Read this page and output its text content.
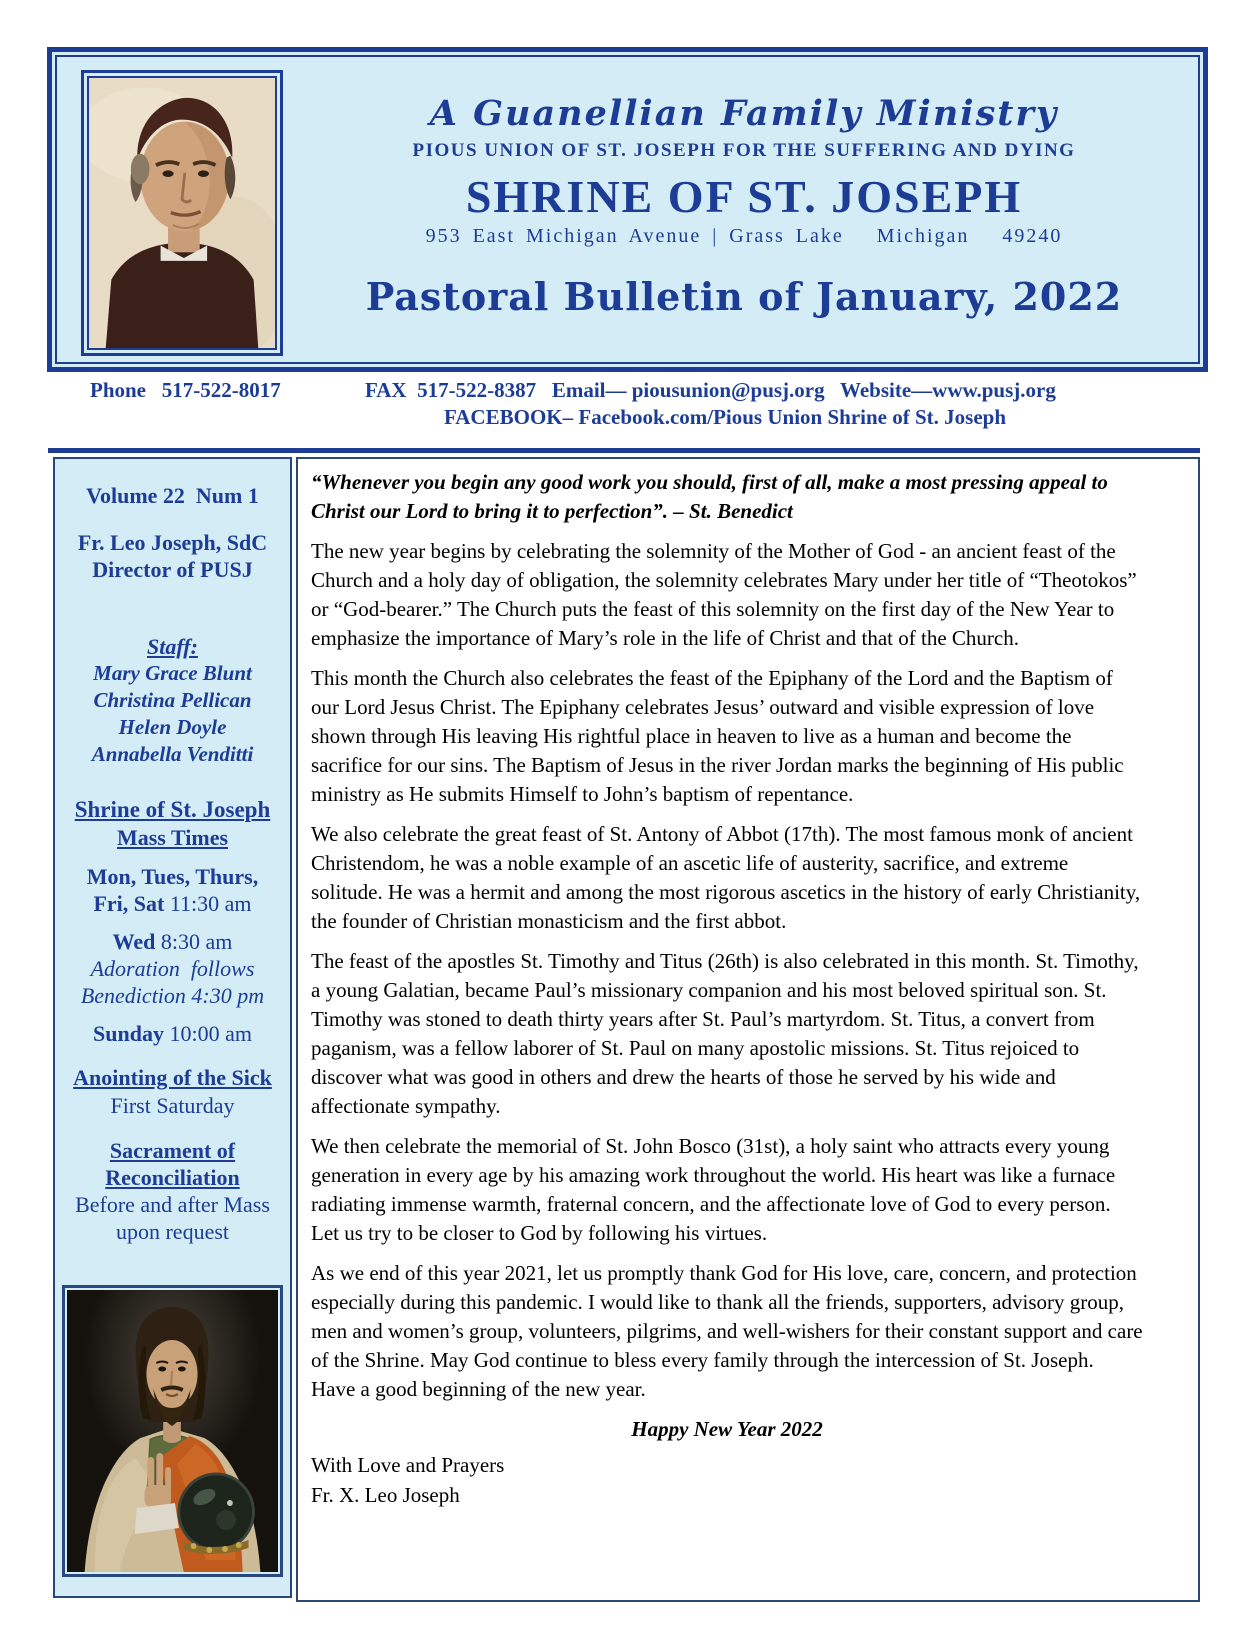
A Guanellian Family Ministry
PIOUS UNION OF ST. JOSEPH FOR THE SUFFERING AND DYING
SHRINE OF ST. JOSEPH
953 East Michigan Avenue | Grass Lake   Michigan   49240
Pastoral Bulletin of January, 2022
Phone   517-522-8017	FAX  517-522-8387   Email— piousunion@pusj.org   Website—www.pusj.org
FACEBOOK– Facebook.com/Pious Union Shrine of St. Joseph
Volume 22  Num 1
Fr. Leo Joseph, SdC
Director of PUSJ
Staff:
Mary Grace Blunt
Christina Pellican
Helen Doyle
Annabella Venditti
Shrine of St. Joseph
Mass Times
Mon, Tues, Thurs,
Fri, Sat 11:30 am
Wed 8:30 am
Adoration  follows
Benediction 4:30 pm
Sunday 10:00 am
Anointing of the Sick
First Saturday
Sacrament of
Reconciliation
Before and after Mass
upon request
“Whenever you begin any good work you should, first of all, make a most pressing appeal to Christ our Lord to bring it to perfection”. – St. Benedict

The new year begins by celebrating the solemnity of the Mother of God - an ancient feast of the Church and a holy day of obligation, the solemnity celebrates Mary under her title of “Theotokos” or “God-bearer.” The Church puts the feast of this solemnity on the first day of the New Year to emphasize the importance of Mary’s role in the life of Christ and that of the Church.

This month the Church also celebrates the feast of the Epiphany of the Lord and the Baptism of our Lord Jesus Christ. The Epiphany celebrates Jesus’ outward and visible expression of love shown through His leaving His rightful place in heaven to live as a human and become the sacrifice for our sins. The Baptism of Jesus in the river Jordan marks the beginning of His public ministry as He submits Himself to John’s baptism of repentance.

We also celebrate the great feast of St. Antony of Abbot (17th). The most famous monk of ancient Christendom, he was a noble example of an ascetic life of austerity, sacrifice, and extreme solitude. He was a hermit and among the most rigorous ascetics in the history of early Christianity, the founder of Christian monasticism and the first abbot.

The feast of the apostles St. Timothy and Titus (26th) is also celebrated in this month. St. Timothy, a young Galatian, became Paul’s missionary companion and his most beloved spiritual son. St. Timothy was stoned to death thirty years after St. Paul’s martyrdom. St. Titus, a convert from paganism, was a fellow laborer of St. Paul on many apostolic missions. St. Titus rejoiced to discover what was good in others and drew the hearts of those he served by his wide and affectionate sympathy.

We then celebrate the memorial of St. John Bosco (31st), a holy saint who attracts every young generation in every age by his amazing work throughout the world. His heart was like a furnace radiating immense warmth, fraternal concern, and the affectionate love of God to every person. Let us try to be closer to God by following his virtues.

As we end of this year 2021, let us promptly thank God for His love, care, concern, and protection especially during this pandemic. I would like to thank all the friends, supporters, advisory group, men and women’s group, volunteers, pilgrims, and well-wishers for their constant support and care of the Shrine. May God continue to bless every family through the intercession of St. Joseph. Have a good beginning of the new year.

Happy New Year 2022
With Love and Prayers
Fr. X. Leo Joseph
